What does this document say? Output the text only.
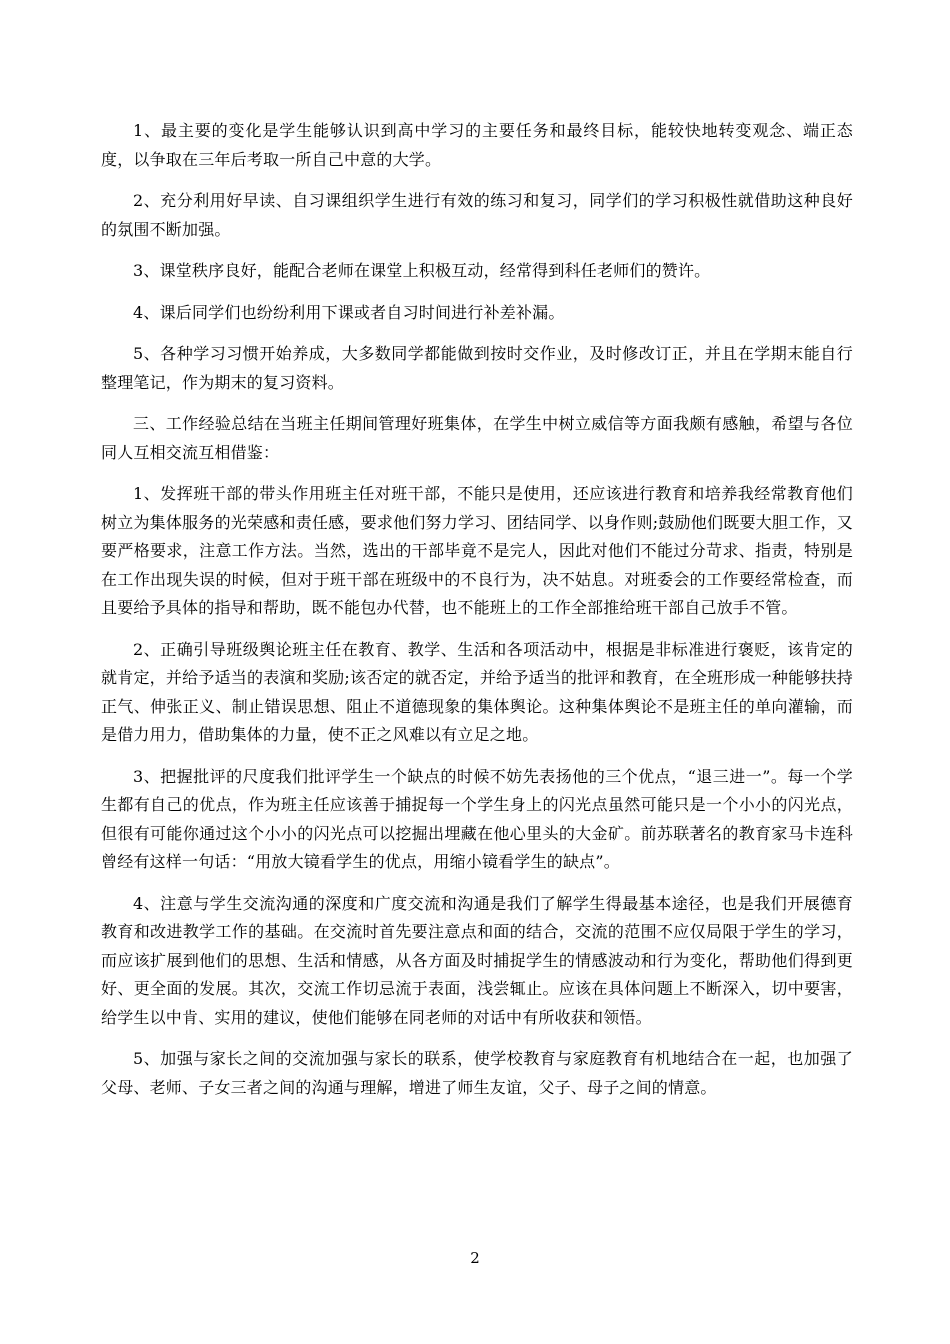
1、最主要的变化是学生能够认识到高中学习的主要任务和最终目标，能较快地转变观念、端正态度，以争取在三年后考取一所自己中意的大学。

2、充分利用好早读、自习课组织学生进行有效的练习和复习，同学们的学习积极性就借助这种良好的氛围不断加强。

3、课堂秩序良好，能配合老师在课堂上积极互动，经常得到科任老师们的赞许。

4、课后同学们也纷纷利用下课或者自习时间进行补差补漏。

5、各种学习习惯开始养成，大多数同学都能做到按时交作业，及时修改订正，并且在学期末能自行整理笔记，作为期末的复习资料。

三、工作经验总结在当班主任期间管理好班集体，在学生中树立威信等方面我颇有感触，希望与各位同人互相交流互相借鉴：

1、发挥班干部的带头作用班主任对班干部，不能只是使用，还应该进行教育和培养我经常教育他们树立为集体服务的光荣感和责任感，要求他们努力学习、团结同学、以身作则;鼓励他们既要大胆工作，又要严格要求，注意工作方法。当然，选出的干部毕竟不是完人，因此对他们不能过分苛求、指责，特别是在工作出现失误的时候，但对于班干部在班级中的不良行为，决不姑息。对班委会的工作要经常检查，而且要给予具体的指导和帮助，既不能包办代替，也不能班上的工作全部推给班干部自己放手不管。

2、正确引导班级舆论班主任在教育、教学、生活和各项活动中，根据是非标准进行褒贬，该肯定的就肯定，并给予适当的表演和奖励;该否定的就否定，并给予适当的批评和教育，在全班形成一种能够扶持正气、伸张正义、制止错误思想、阻止不道德现象的集体舆论。这种集体舆论不是班主任的单向灌输，而是借力用力，借助集体的力量，使不正之风难以有立足之地。

3、把握批评的尺度我们批评学生一个缺点的时候不妨先表扬他的三个优点，“退三进一”。每一个学生都有自己的优点，作为班主任应该善于捕捉每一个学生身上的闪光点虽然可能只是一个小小的闪光点，但很有可能你通过这个小小的闪光点可以挖掘出埋藏在他心里头的大金矿。前苏联著名的教育家马卡连科曾经有这样一句话：“用放大镜看学生的优点，用缩小镜看学生的缺点”。

4、注意与学生交流沟通的深度和广度交流和沟通是我们了解学生得最基本途径，也是我们开展德育教育和改进教学工作的基础。在交流时首先要注意点和面的结合，交流的范围不应仅局限于学生的学习，而应该扩展到他们的思想、生活和情感，从各方面及时捕捉学生的情感波动和行为变化，帮助他们得到更好、更全面的发展。其次，交流工作切忌流于表面，浅尝辄止。应该在具体问题上不断深入，切中要害，给学生以中肯、实用的建议，使他们能够在同老师的对话中有所收获和领悟。

5、加强与家长之间的交流加强与家长的联系，使学校教育与家庭教育有机地结合在一起，也加强了父母、老师、子女三者之间的沟通与理解，增进了师生友谊，父子、母子之间的情意。

2
